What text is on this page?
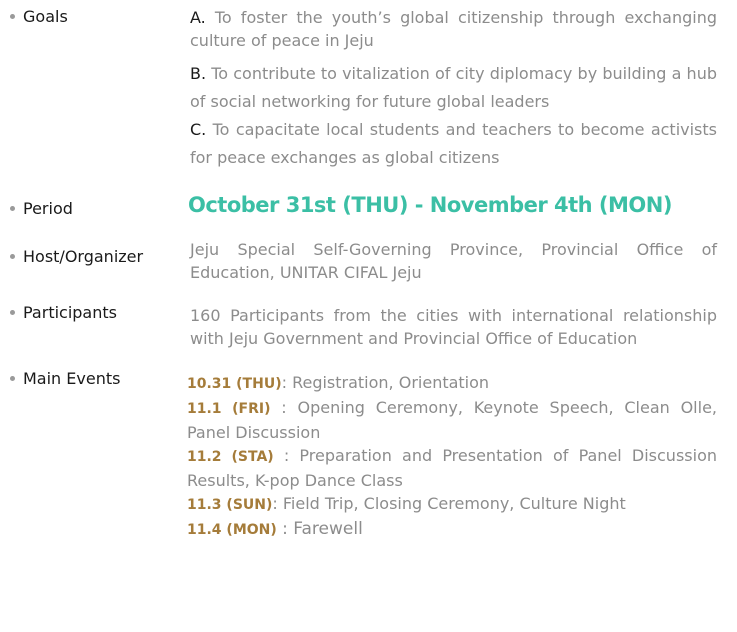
Goals	A. To foster the youth’s global citizenship through exchanging culture of peace in Jeju
B. To contribute to vitalization of city diplomacy by building a hub of social networking for future global leaders
C. To capacitate local students and teachers to become activists for peace exchanges as global citizens
Period	October 31st (THU) - November 4th (MON)
Host/Organizer	Jeju Special Self-Governing Province, Provincial Office of Education, UNITAR CIFAL Jeju
Participants	160 Participants from the cities with international relationship with Jeju Government and Provincial Office of Education
Main Events	10.31 (THU): Registration, Orientation
11.1 (FRI) : Opening Ceremony, Keynote Speech, Clean Olle, Panel Discussion
11.2 (STA) : Preparation and Presentation of Panel Discussion Results, K-pop Dance Class
11.3 (SUN): Field Trip, Closing Ceremony, Culture Night
11.4 (MON) : Farewell
